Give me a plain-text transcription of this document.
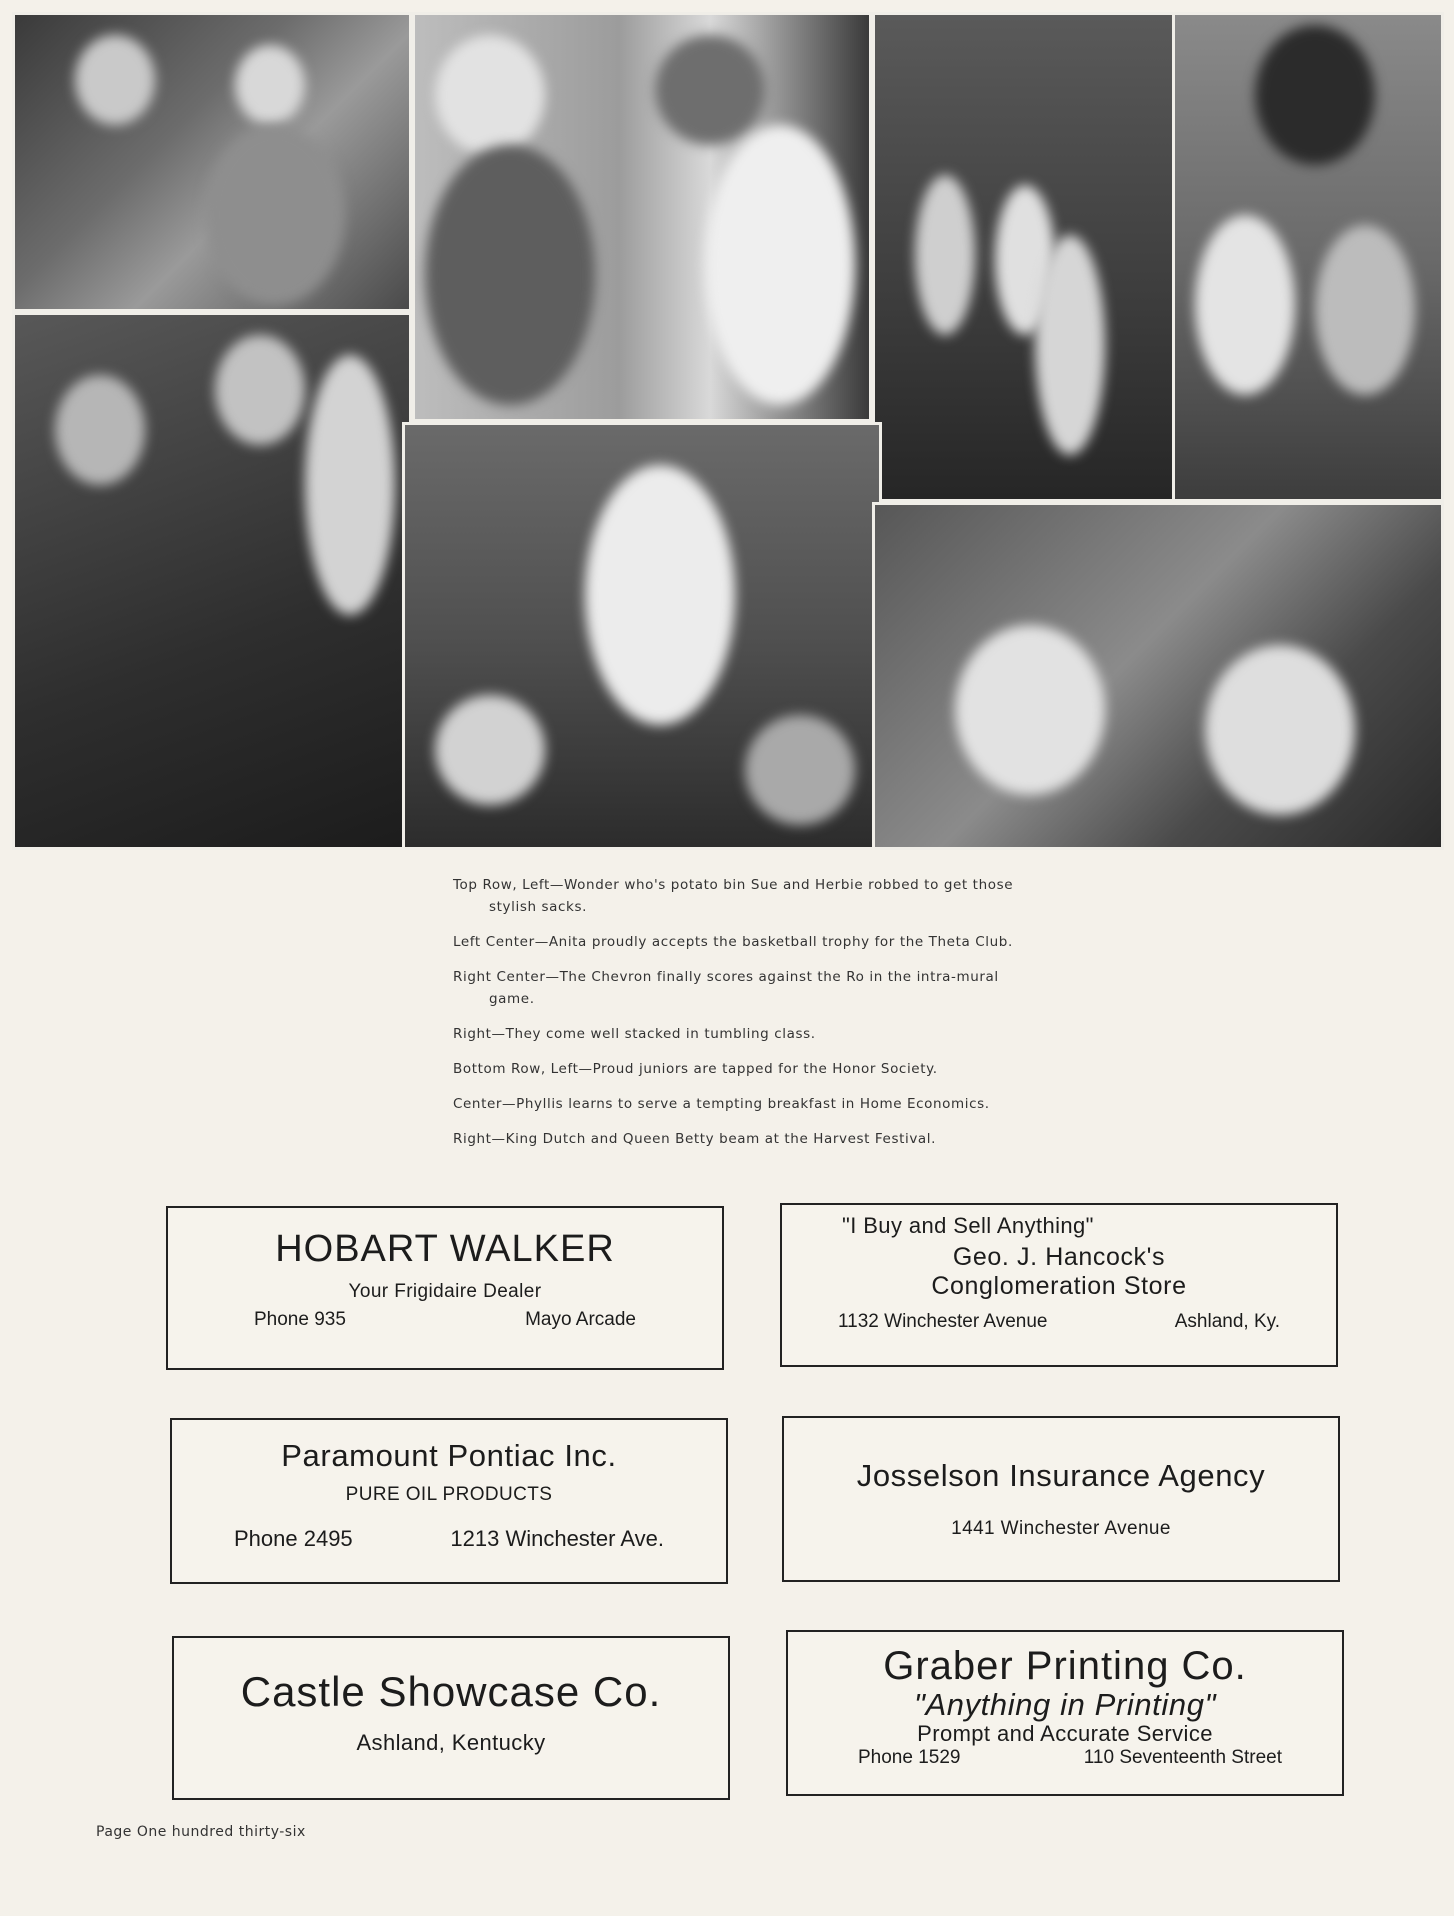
Top Row, Left—Wonder who's potato bin Sue and Herbie robbed to get those stylish sacks.

Left Center—Anita proudly accepts the basketball trophy for the Theta Club.

Right Center—The Chevron finally scores against the Ro in the intra-mural game.

Right—They come well stacked in tumbling class.

Bottom Row, Left—Proud juniors are tapped for the Honor Society.

Center—Phyllis learns to serve a tempting breakfast in Home Economics.

Right—King Dutch and Queen Betty beam at the Harvest Festival.

HOBART WALKER
Your Frigidaire Dealer
Phone 935	Mayo Arcade
"I Buy and Sell Anything"
Geo. J. Hancock's
Conglomeration Store
1132 Winchester Avenue	Ashland, Ky.
Paramount Pontiac Inc.
PURE OIL PRODUCTS
Phone 2495	1213 Winchester Ave.
Josselson Insurance Agency
1441 Winchester Avenue
Castle Showcase Co.
Ashland, Kentucky
Graber Printing Co.
"Anything in Printing"
Prompt and Accurate Service
Phone 1529	110 Seventeenth Street
Page One hundred thirty-six
